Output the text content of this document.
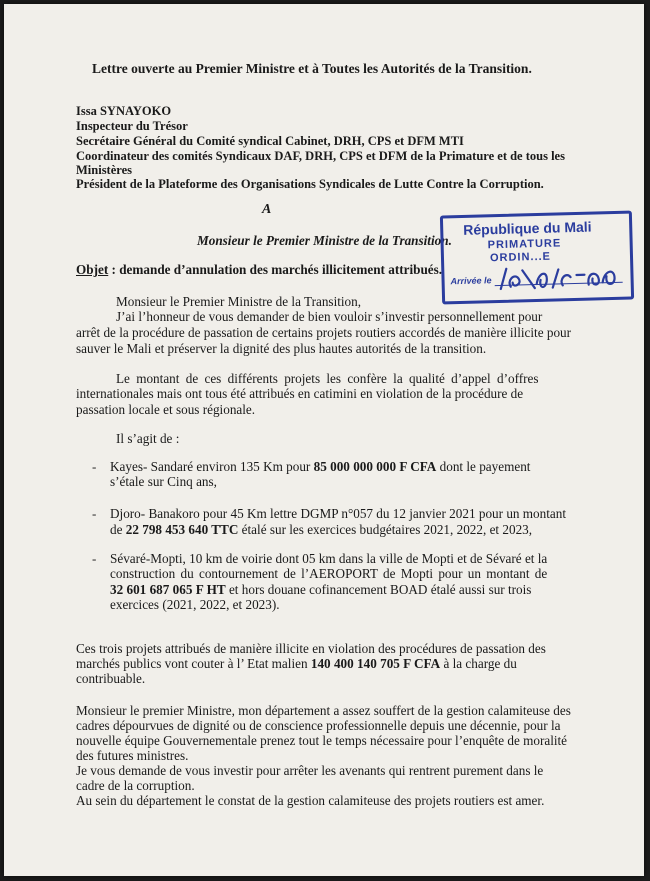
Lettre ouverte au Premier Ministre et à Toutes les Autorités de la Transition.
Issa SYNAYOKO
Inspecteur du Trésor
Secrétaire Général du Comité syndical Cabinet, DRH, CPS et DFM MTI
Coordinateur des comités Syndicaux DAF, DRH, CPS et DFM de la Primature et de tous les
Ministères
Président de la Plateforme des Organisations Syndicales de Lutte Contre la Corruption.
A
Monsieur le Premier Ministre de la Transition.
Objet : demande d’annulation des marchés illicitement attribués.
République du Mali
PRIMATURE
ORDIN...E
Arrivée le
Monsieur le Premier Ministre de la Transition,
J’ai l’honneur de vous demander de bien vouloir s’investir personnellement pour
arrêt de la procédure de passation de certains projets routiers accordés de manière illicite pour
sauver le Mali et préserver la dignité des plus hautes autorités de la transition.
Le montant de ces différents projets les confère la qualité d’appel d’offres
internationales mais ont tous été attribués en catimini en violation de la procédure de
passation locale et sous régionale.
Il s’agit de :
- Kayes- Sandaré environ 135 Km pour 85 000 000 000 F CFA dont le payement
s’étale sur Cinq ans,
- Djoro- Banakoro pour 45 Km lettre DGMP n°057 du 12 janvier 2021 pour un montant
de 22 798 453 640 TTC étalé sur les exercices budgétaires 2021, 2022, et 2023,
- Sévaré-Mopti, 10 km de voirie dont 05 km dans la ville de Mopti et de Sévaré et la
construction du contournement de l’AEROPORT de Mopti pour un montant de
32 601 687 065 F HT et hors douane cofinancement BOAD étalé aussi sur trois
exercices (2021, 2022, et 2023).
Ces trois projets attribués de manière illicite en violation des procédures de passation des
marchés publics vont couter à l’ Etat malien 140 400 140 705 F CFA à la charge du
contribuable.
Monsieur le premier Ministre, mon département a assez souffert de la gestion calamiteuse des
cadres dépourvues de dignité ou de conscience professionnelle depuis une décennie, pour la
nouvelle équipe Gouvernementale prenez tout le temps nécessaire pour l’enquête de moralité
des futures ministres.
Je vous demande de vous investir pour arrêter les avenants qui rentrent purement dans le
cadre de la corruption.
Au sein du département le constat de la gestion calamiteuse des projets routiers est amer.
